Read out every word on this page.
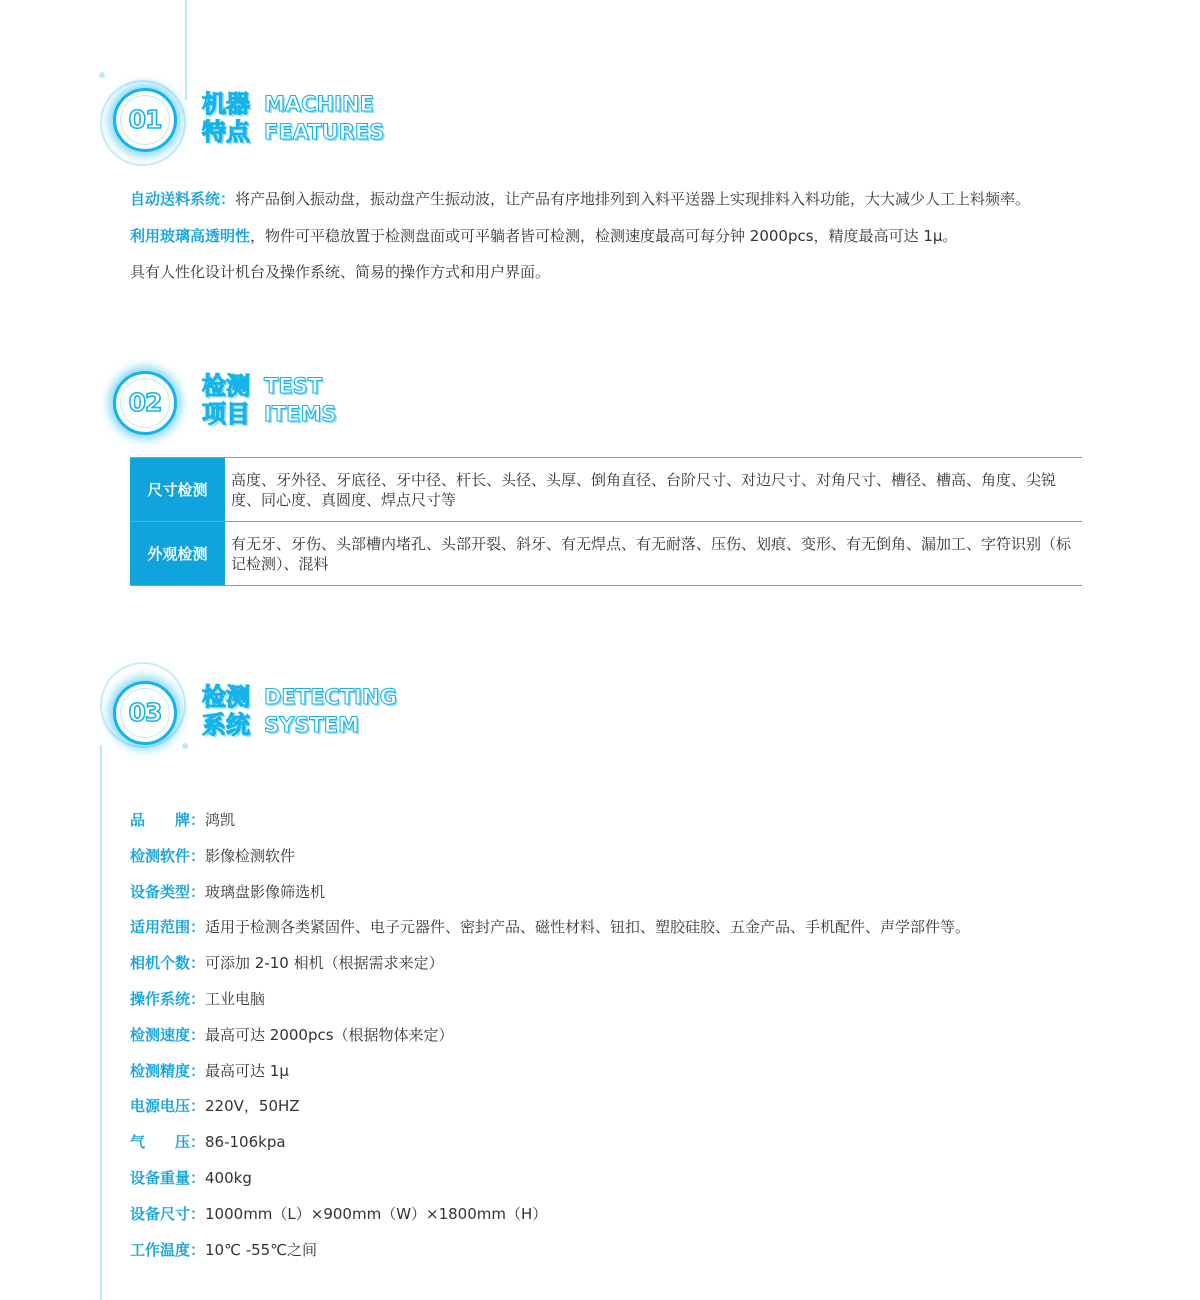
01
机器
特点
MACHINE
FEATURES

自动送料系统：将产品倒入振动盘，振动盘产生振动波，让产品有序地排列到入料平送器上实现排料入料功能，大大减少人工上料频率。

利用玻璃高透明性，物件可平稳放置于检测盘面或可平躺者皆可检测，检测速度最高可每分钟 2000pcs，精度最高可达 1μ。

具有人性化设计机台及操作系统、简易的操作方式和用户界面。

02
检测
项目
TEST
ITEMS
尺寸检测
高度、牙外径、牙底径、牙中径、杆长、头径、头厚、倒角直径、台阶尺寸、对边尺寸、对角尺寸、槽径、槽高、角度、尖锐度、同心度、真圆度、焊点尺寸等
外观检测
有无牙、牙伤、头部槽内堵孔、头部开裂、斜牙、有无焊点、有无耐落、压伤、划痕、变形、有无倒角、漏加工、字符识别（标记检测）、混料
03
检测
系统
DETECTING
SYSTEM
品　　牌：鸿凯
检测软件：影像检测软件
设备类型：玻璃盘影像筛选机
适用范围：适用于检测各类紧固件、电子元器件、密封产品、磁性材料、钮扣、塑胶硅胶、五金产品、手机配件、声学部件等。
相机个数：可添加 2-10 相机（根据需求来定）
操作系统：工业电脑
检测速度：最高可达 2000pcs（根据物体来定）
检测精度：最高可达 1μ
电源电压：220V，50HZ
气　　压：86-106kpa
设备重量：400kg
设备尺寸：1000mm（L）×900mm（W）×1800mm（H）
工作温度：10℃ -55℃之间
